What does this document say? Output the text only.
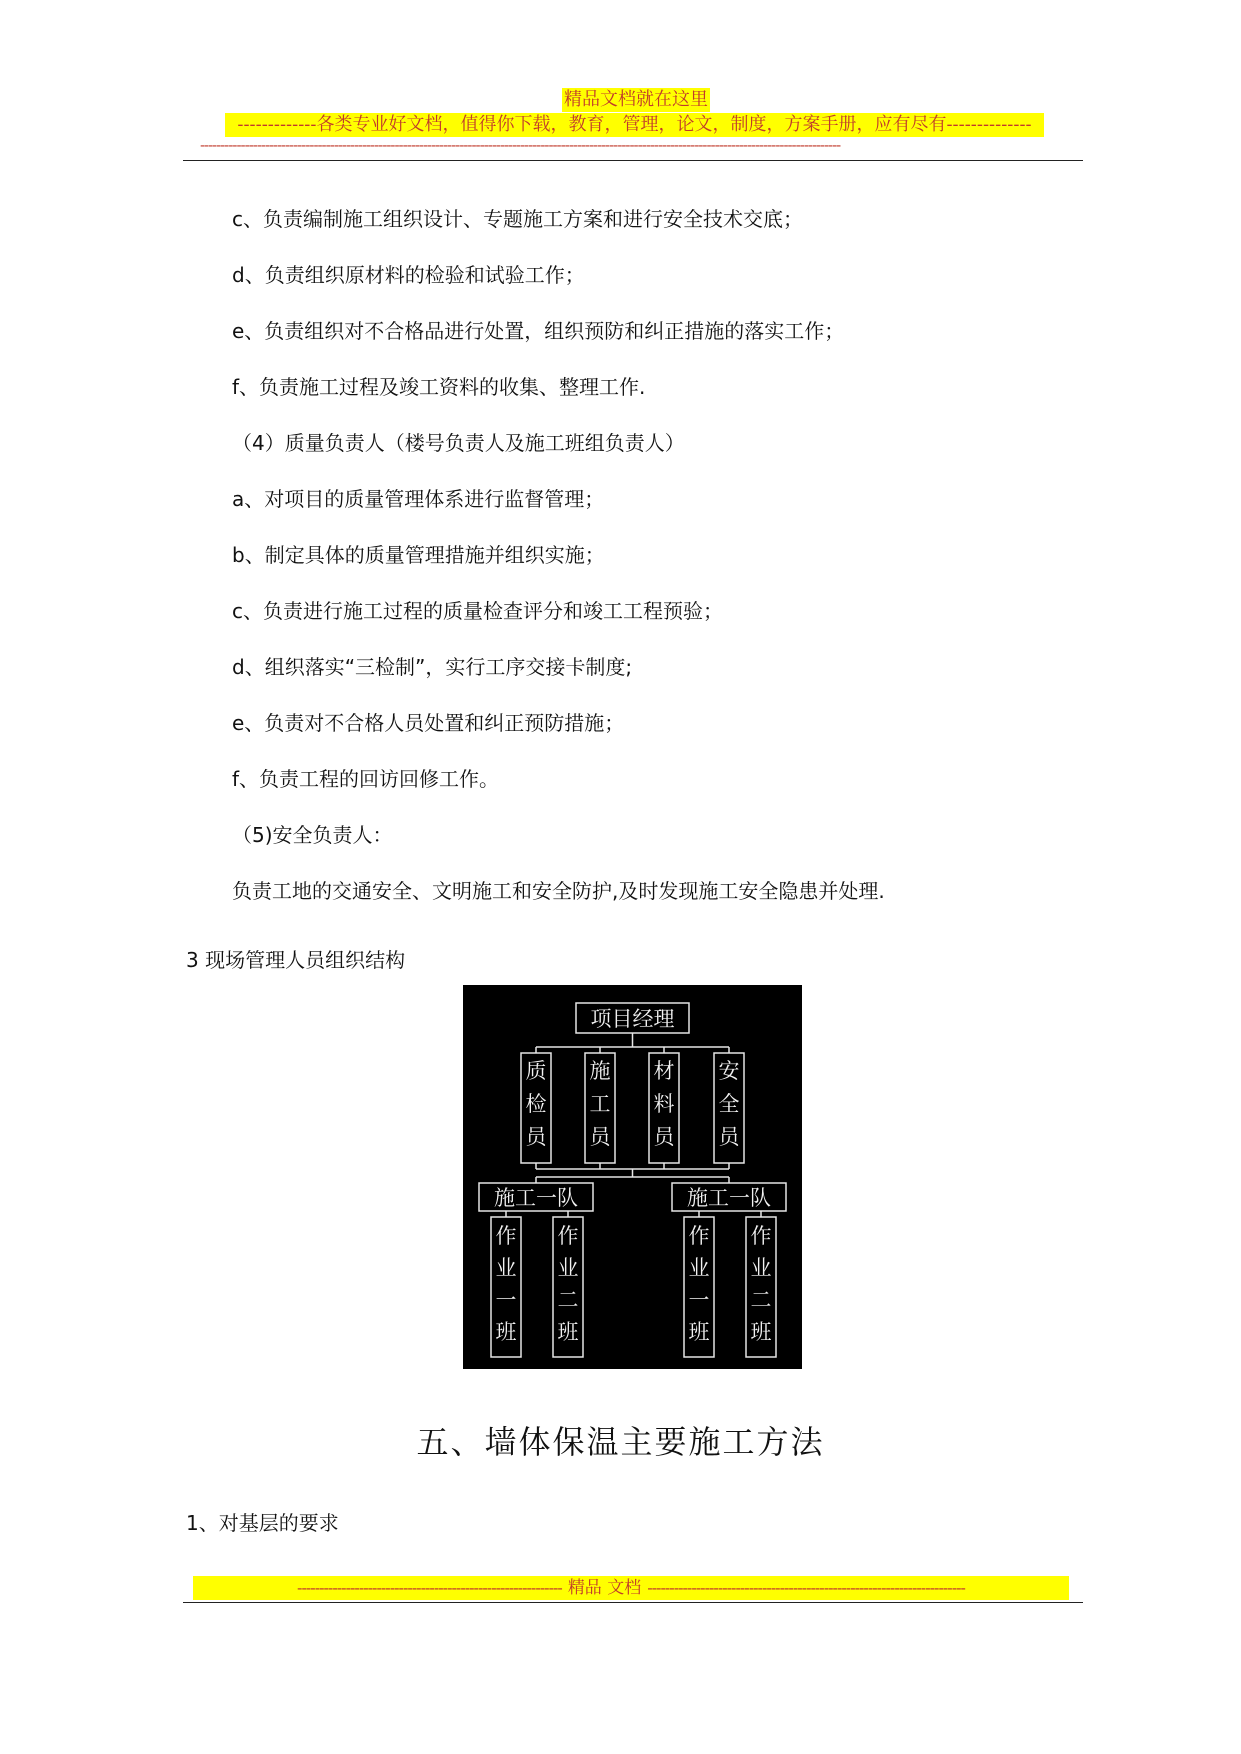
精品文档就在这里
-------------各类专业好文档，值得你下载，教育，管理，论文，制度，方案手册，应有尽有--------------
--------------------------------------------------------------------------------------------------------------------------------------------------------------
c、负责编制施工组织设计、专题施工方案和进行安全技术交底；
d、负责组织原材料的检验和试验工作；
e、负责组织对不合格品进行处置，组织预防和纠正措施的落实工作；
f、负责施工过程及竣工资料的收集、整理工作.
（4）质量负责人（楼号负责人及施工班组负责人）
a、对项目的质量管理体系进行监督管理；
b、制定具体的质量管理措施并组织实施；
c、负责进行施工过程的质量检查评分和竣工工程预验；
d、组织落实“三检制”，实行工序交接卡制度;
e、负责对不合格人员处置和纠正预防措施；
f、负责工程的回访回修工作。
（5)安全负责人：
负责工地的交通安全、文明施工和安全防护,及时发现施工安全隐患并处理.
3 现场管理人员组织结构
项目经理
质
检
员
施
工
员
材
料
员
安
全
员
施工一队
作
业
一
班
作
业
二
班
施工一队
作
业
一
班
作
业
二
班
五、墙体保温主要施工方法
1、对基层的要求
------------------------------------------------------------ 精品 文档 ------------------------------------------------------------------------
